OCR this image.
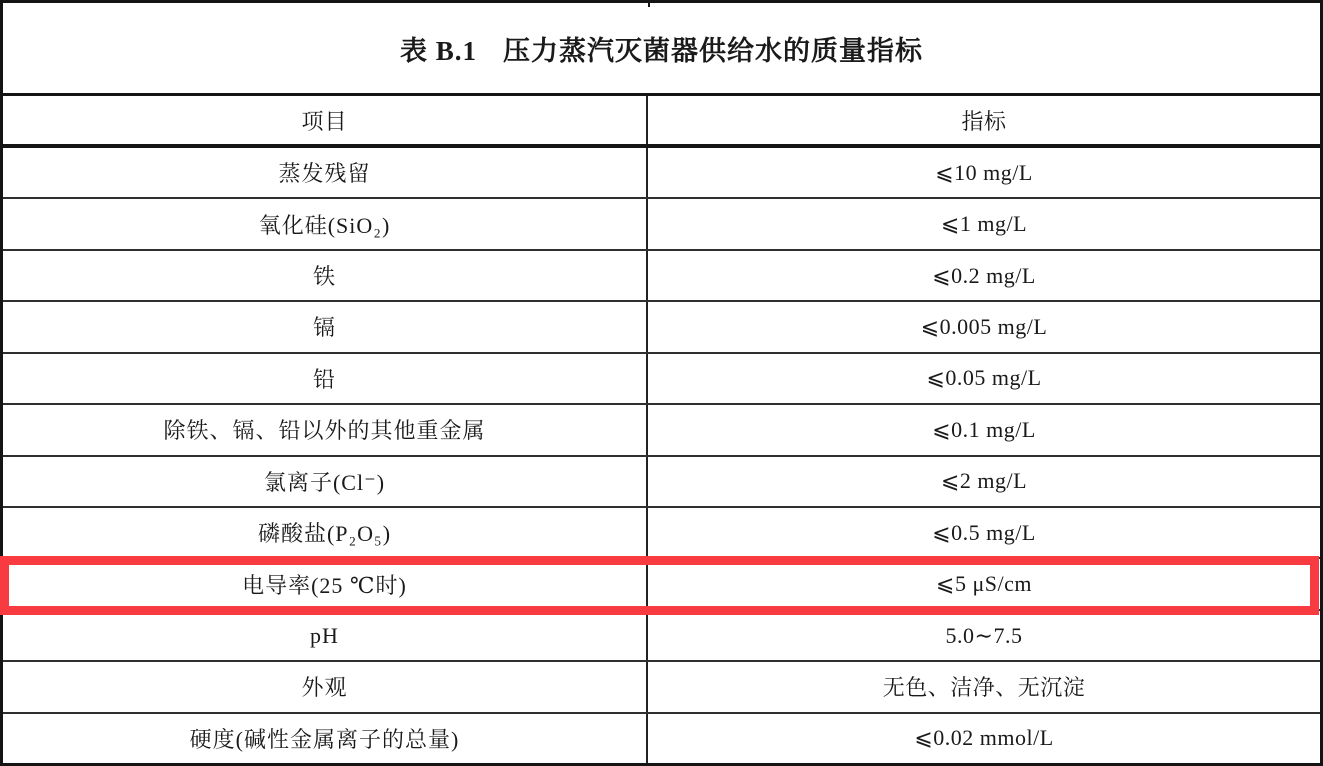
表 B.1 压力蒸汽灭菌器供给水的质量指标
项目	指标
蒸发残留	⩽10 mg/L
氧化硅(SiO₂)	⩽1 mg/L
铁	⩽0.2 mg/L
镉	⩽0.005 mg/L
铅	⩽0.05 mg/L
除铁、镉、铅以外的其他重金属	⩽0.1 mg/L
氯离子(Cl⁻)	⩽2 mg/L
磷酸盐(P₂O₅)	⩽0.5 mg/L
电导率(25 ℃时)	⩽5 μS/cm
pH	5.0∼7.5
外观	无色、洁净、无沉淀
硬度(碱性金属离子的总量)	⩽0.02 mmol/L
